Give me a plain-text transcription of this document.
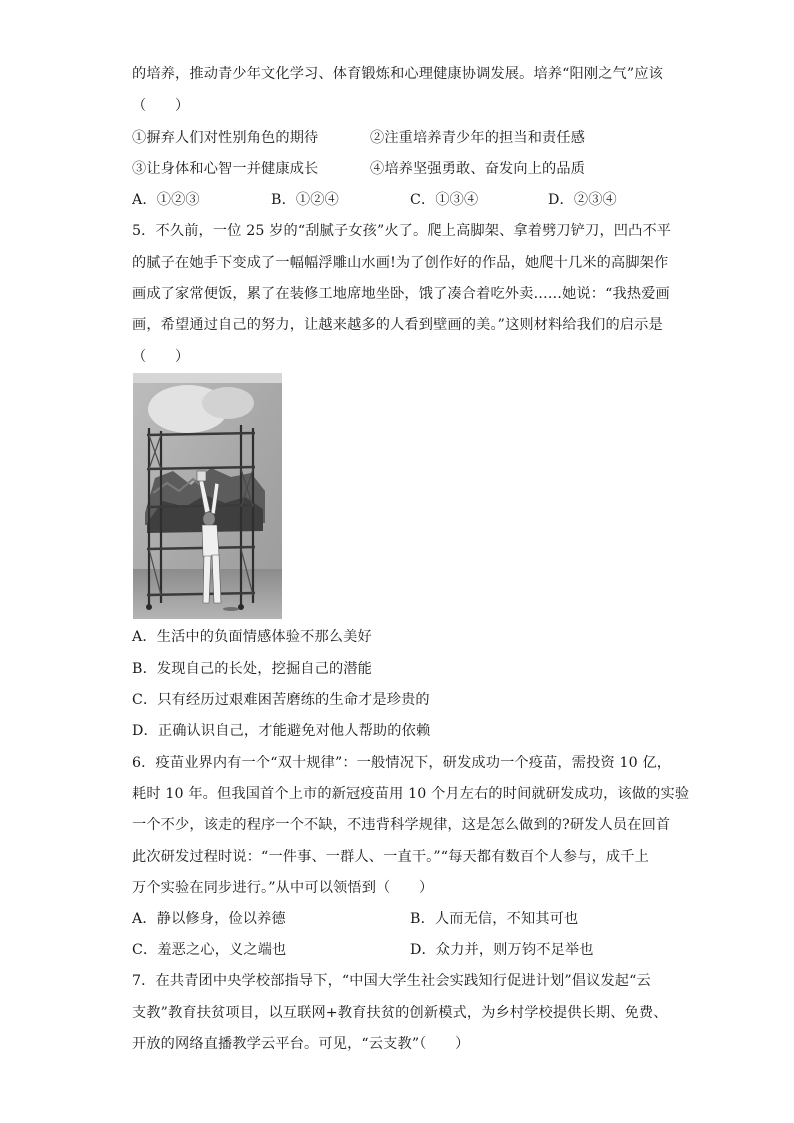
的培养，推动青少年文化学习、体育锻炼和心理健康协调发展。培养“阳刚之气”应该
（　　）
①摒弃人们对性别角色的期待	②注重培养青少年的担当和责任感
③让身体和心智一并健康成长	④培养坚强勇敢、奋发向上的品质
A．①②③	B．①②④	C．①③④	D．②③④
5．不久前，一位 25 岁的“刮腻子女孩”火了。爬上高脚架、拿着劈刀铲刀，凹凸不平
的腻子在她手下变成了一幅幅浮雕山水画!为了创作好的作品，她爬十几米的高脚架作
画成了家常便饭，累了在装修工地席地坐卧，饿了凑合着吃外卖……她说：“我热爱画
画，希望通过自己的努力，让越来越多的人看到壁画的美。”这则材料给我们的启示是
（　　）
A．生活中的负面情感体验不那么美好
B．发现自己的长处，挖掘自己的潜能
C．只有经历过艰难困苦磨练的生命才是珍贵的
D．正确认识自己，才能避免对他人帮助的依赖
6．疫苗业界内有一个“双十规律”：一般情况下，研发成功一个疫苗，需投资 10 亿，
耗时 10 年。但我国首个上市的新冠疫苗用 10 个月左右的时间就研发成功，该做的实验
一个不少，该走的程序一个不缺，不违背科学规律，这是怎么做到的?研发人员在回首
此次研发过程时说：“一件事、一群人、一直干。”“每天都有数百个人参与，成千上
万个实验在同步进行。”从中可以领悟到（　　）
A．静以修身，俭以养德	B．人而无信，不知其可也
C．羞恶之心，义之端也	D．众力并，则万钧不足举也
7．在共青团中央学校部指导下，“中国大学生社会实践知行促进计划”倡议发起“云
支教”教育扶贫项目，以互联网+教育扶贫的创新模式，为乡村学校提供长期、免费、
开放的网络直播教学云平台。可见，“云支教”（　　）
